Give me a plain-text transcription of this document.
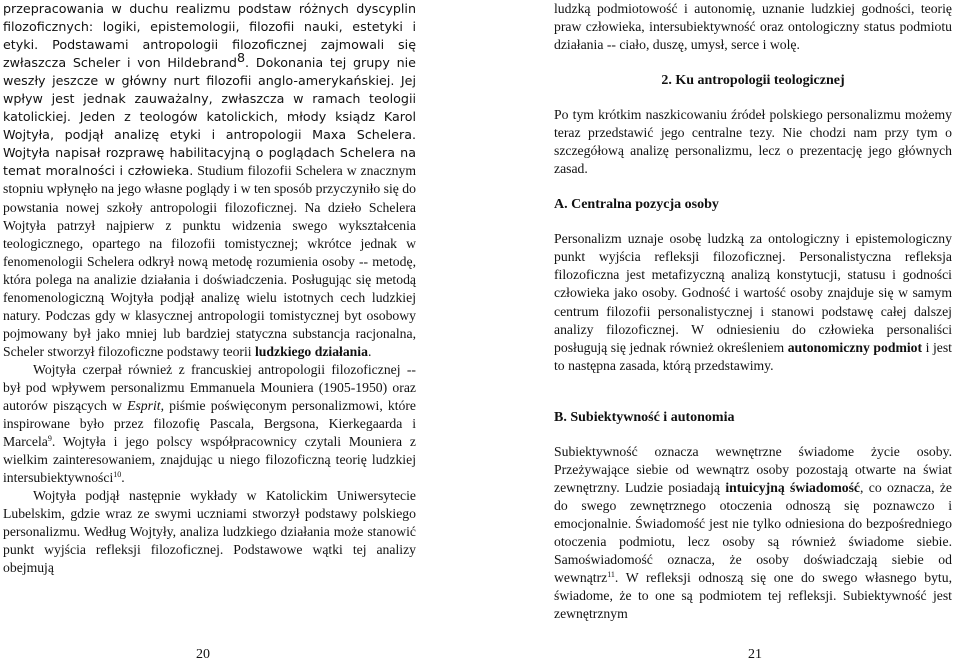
przepracowania w duchu realizmu podstaw różnych dyscyplin filozoficznych: logiki, epistemologii, filozofii nauki, estetyki i etyki. Podstawami antropologii filozoficznej zajmowali się zwłaszcza Scheler i von Hildebrand$^8$. Dokonania tej grupy nie weszły jeszcze w główny nurt filozofii anglo-amerykańskiej. Jej wpływ jest jednak zauważalny, zwłaszcza w ramach teologii katolickiej. Jeden z teologów katolickich, młody ksiądz Karol Wojtyła, podjął analizę etyki i antropologii Maxa Schelera. Wojtyła napisał rozprawę habilitacyjną o poglądach Schelera na temat moralności i człowieka. Studium filozofii Schelera w znacznym stopniu wpłynęło na jego własne poglądy i w ten sposób przyczyniło się do powstania nowej szkoły antropologii filozoficznej. Na dzieło Schelera Wojtyła patrzył najpierw z punktu widzenia swego wykształcenia teologicznego, opartego na filozofii tomistycznej; wkrótce jednak w fenomenologii Schelera odkrył nową metodę rozumienia osoby -- metodę, która polega na analizie działania i doświadczenia. Posługując się metodą fenomenologiczną Wojtyła podjął analizę wielu istotnych cech ludzkiej natury. Podczas gdy w klasycznej antropologii tomistycznej byt osobowy pojmowany był jako mniej lub bardziej statyczna substancja racjonalna, Scheler stworzył filozoficzne podstawy teorii ludzkiego działania.

Wojtyła czerpał również z francuskiej antropologii filozoficznej -- był pod wpływem personalizmu Emmanuela Mouniera (1905-1950) oraz autorów piszących w Esprit, piśmie poświęconym personalizmowi, które inspirowane było przez filozofię Pascala, Bergsona, Kierkegaarda i Marcela$^9$. Wojtyła i jego polscy współpracownicy czytali Mouniera z wielkim zainteresowaniem, znajdując u niego filozoficzną teorię ludzkiej intersubiektywności$^{10}$.

Wojtyła podjął następnie wykłady w Katolickim Uniwersytecie Lubelskim, gdzie wraz ze swymi uczniami stworzył podstawy polskiego personalizmu. Według Wojtyły, analiza ludzkiego działania może stanowić punkt wyjścia refleksji filozoficznej. Podstawowe wątki tej analizy obejmują

20

ludzką podmiotowość i autonomię, uznanie ludzkiej godności, teorię praw człowieka, intersubiektywność oraz ontologiczny status podmiotu działania -- ciało, duszę, umysł, serce i wolę.

2. Ku antropologii teologicznej

Po tym krótkim naszkicowaniu źródeł polskiego personalizmu możemy teraz przedstawić jego centralne tezy. Nie chodzi nam przy tym o szczegółową analizę personalizmu, lecz o prezentację jego głównych zasad.

A. Centralna pozycja osoby

Personalizm uznaje osobę ludzką za ontologiczny i epistemologiczny punkt wyjścia refleksji filozoficznej. Personalistyczna refleksja filozoficzna jest metafizyczną analizą konstytucji, statusu i godności człowieka jako osoby. Godność i wartość osoby znajduje się w samym centrum filozofii personalistycznej i stanowi podstawę całej dalszej analizy filozoficznej. W odniesieniu do człowieka personaliści posługują się jednak również określeniem autonomiczny podmiot i jest to następna zasada, którą przedstawimy.

B. Subiektywność i autonomia

Subiektywność oznacza wewnętrzne świadome życie osoby. Przeżywające siebie od wewnątrz osoby pozostają otwarte na świat zewnętrzny. Ludzie posiadają intuicyjną świadomość, co oznacza, że do swego zewnętrznego otoczenia odnoszą się poznawczo i emocjonalnie. Świadomość jest nie tylko odniesiona do bezpośredniego otoczenia podmiotu, lecz osoby są również świadome siebie. Samoświadomość oznacza, że osoby doświadczają siebie od wewnątrz$^{11}$. W refleksji odnoszą się one do swego własnego bytu, świadome, że to one są podmiotem tej refleksji. Subiektywność jest zewnętrznym

21
